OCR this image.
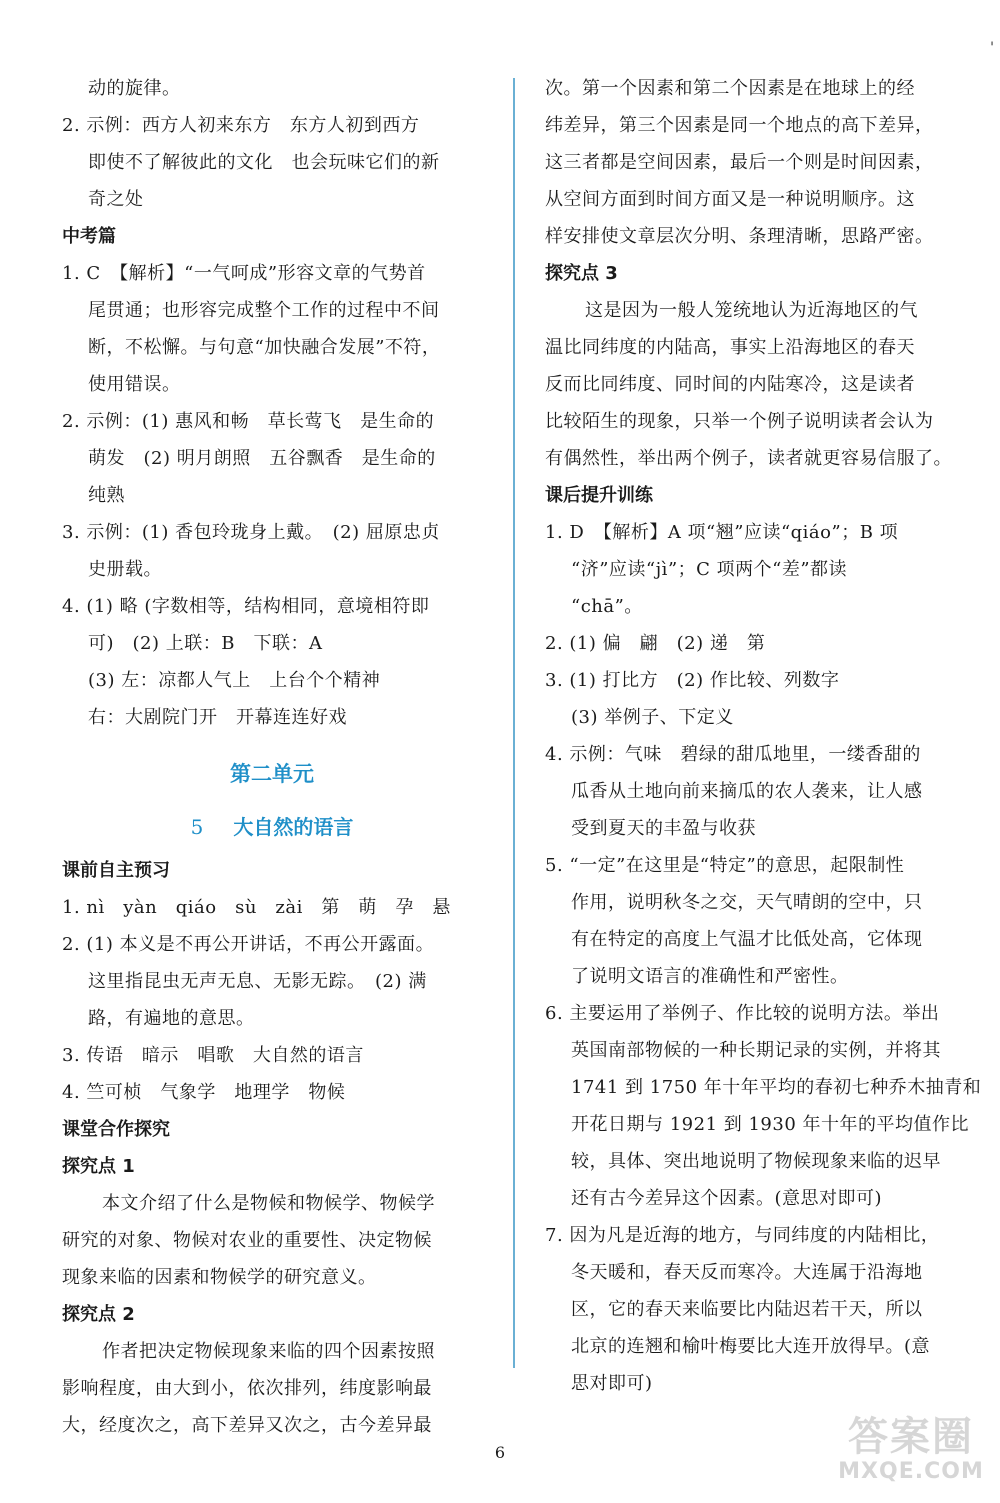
'
动的旋律。
2. 示例：西方人初来东方　东方人初到西方
即使不了解彼此的文化　也会玩味它们的新
奇之处
中考篇
1. C　【解析】“一气呵成”形容文章的气势首
尾贯通；也形容完成整个工作的过程中不间
断，不松懈。与句意“加快融合发展”不符，
使用错误。
2. 示例：(1) 惠风和畅　草长莺飞　是生命的
萌发　(2) 明月朗照　五谷飘香　是生命的
纯熟
3. 示例：(1) 香包玲珑身上戴。　(2) 屈原忠贞
史册载。
4. (1) 略 (字数相等，结构相同，意境相符即
可)　(2) 上联：B　下联：A
(3) 左：凉都人气上　上台个个精神
右：大剧院门开　开幕连连好戏
第二单元
5 大自然的语言
课前自主预习
1. nì　yàn　qiáo　sù　zài　第　萌　孕　悬
2. (1) 本义是不再公开讲话，不再公开露面。
这里指昆虫无声无息、无影无踪。　(2) 满
路，有遍地的意思。
3. 传语　暗示　唱歌　大自然的语言
4. 竺可桢　气象学　地理学　物候
课堂合作探究
探究点 1
本文介绍了什么是物候和物候学、物候学
研究的对象、物候对农业的重要性、决定物候
现象来临的因素和物候学的研究意义。
探究点 2
作者把决定物候现象来临的四个因素按照
影响程度，由大到小，依次排列，纬度影响最
大，经度次之，高下差异又次之，古今差异最
次。第一个因素和第二个因素是在地球上的经
纬差异，第三个因素是同一个地点的高下差异，
这三者都是空间因素，最后一个则是时间因素，
从空间方面到时间方面又是一种说明顺序。这
样安排使文章层次分明、条理清晰，思路严密。
探究点 3
这是因为一般人笼统地认为近海地区的气
温比同纬度的内陆高，事实上沿海地区的春天
反而比同纬度、同时间的内陆寒冷，这是读者
比较陌生的现象，只举一个例子说明读者会认为
有偶然性，举出两个例子，读者就更容易信服了。
课后提升训练
1. D　【解析】A 项“翘”应读“qiáo”；B 项
“济”应读“jì”；C 项两个“差”都读
“chā”。
2. (1) 偏　翩　(2) 递　第
3. (1) 打比方　(2) 作比较、列数字
(3) 举例子、下定义
4. 示例：气味　碧绿的甜瓜地里，一缕香甜的
瓜香从土地向前来摘瓜的农人袭来，让人感
受到夏天的丰盈与收获
5. “一定”在这里是“特定”的意思，起限制性
作用，说明秋冬之交，天气晴朗的空中，只
有在特定的高度上气温才比低处高，它体现
了说明文语言的准确性和严密性。
6. 主要运用了举例子、作比较的说明方法。举出
英国南部物候的一种长期记录的实例，并将其
1741 到 1750 年十年平均的春初七种乔木抽青和
开花日期与 1921 到 1930 年十年的平均值作比
较，具体、突出地说明了物候现象来临的迟早
还有古今差异这个因素。(意思对即可)
7. 因为凡是近海的地方，与同纬度的内陆相比，
冬天暖和，春天反而寒冷。大连属于沿海地
区，它的春天来临要比内陆迟若干天，所以
北京的连翘和榆叶梅要比大连开放得早。(意
思对即可)
6	答案圈
MXQE.COM
